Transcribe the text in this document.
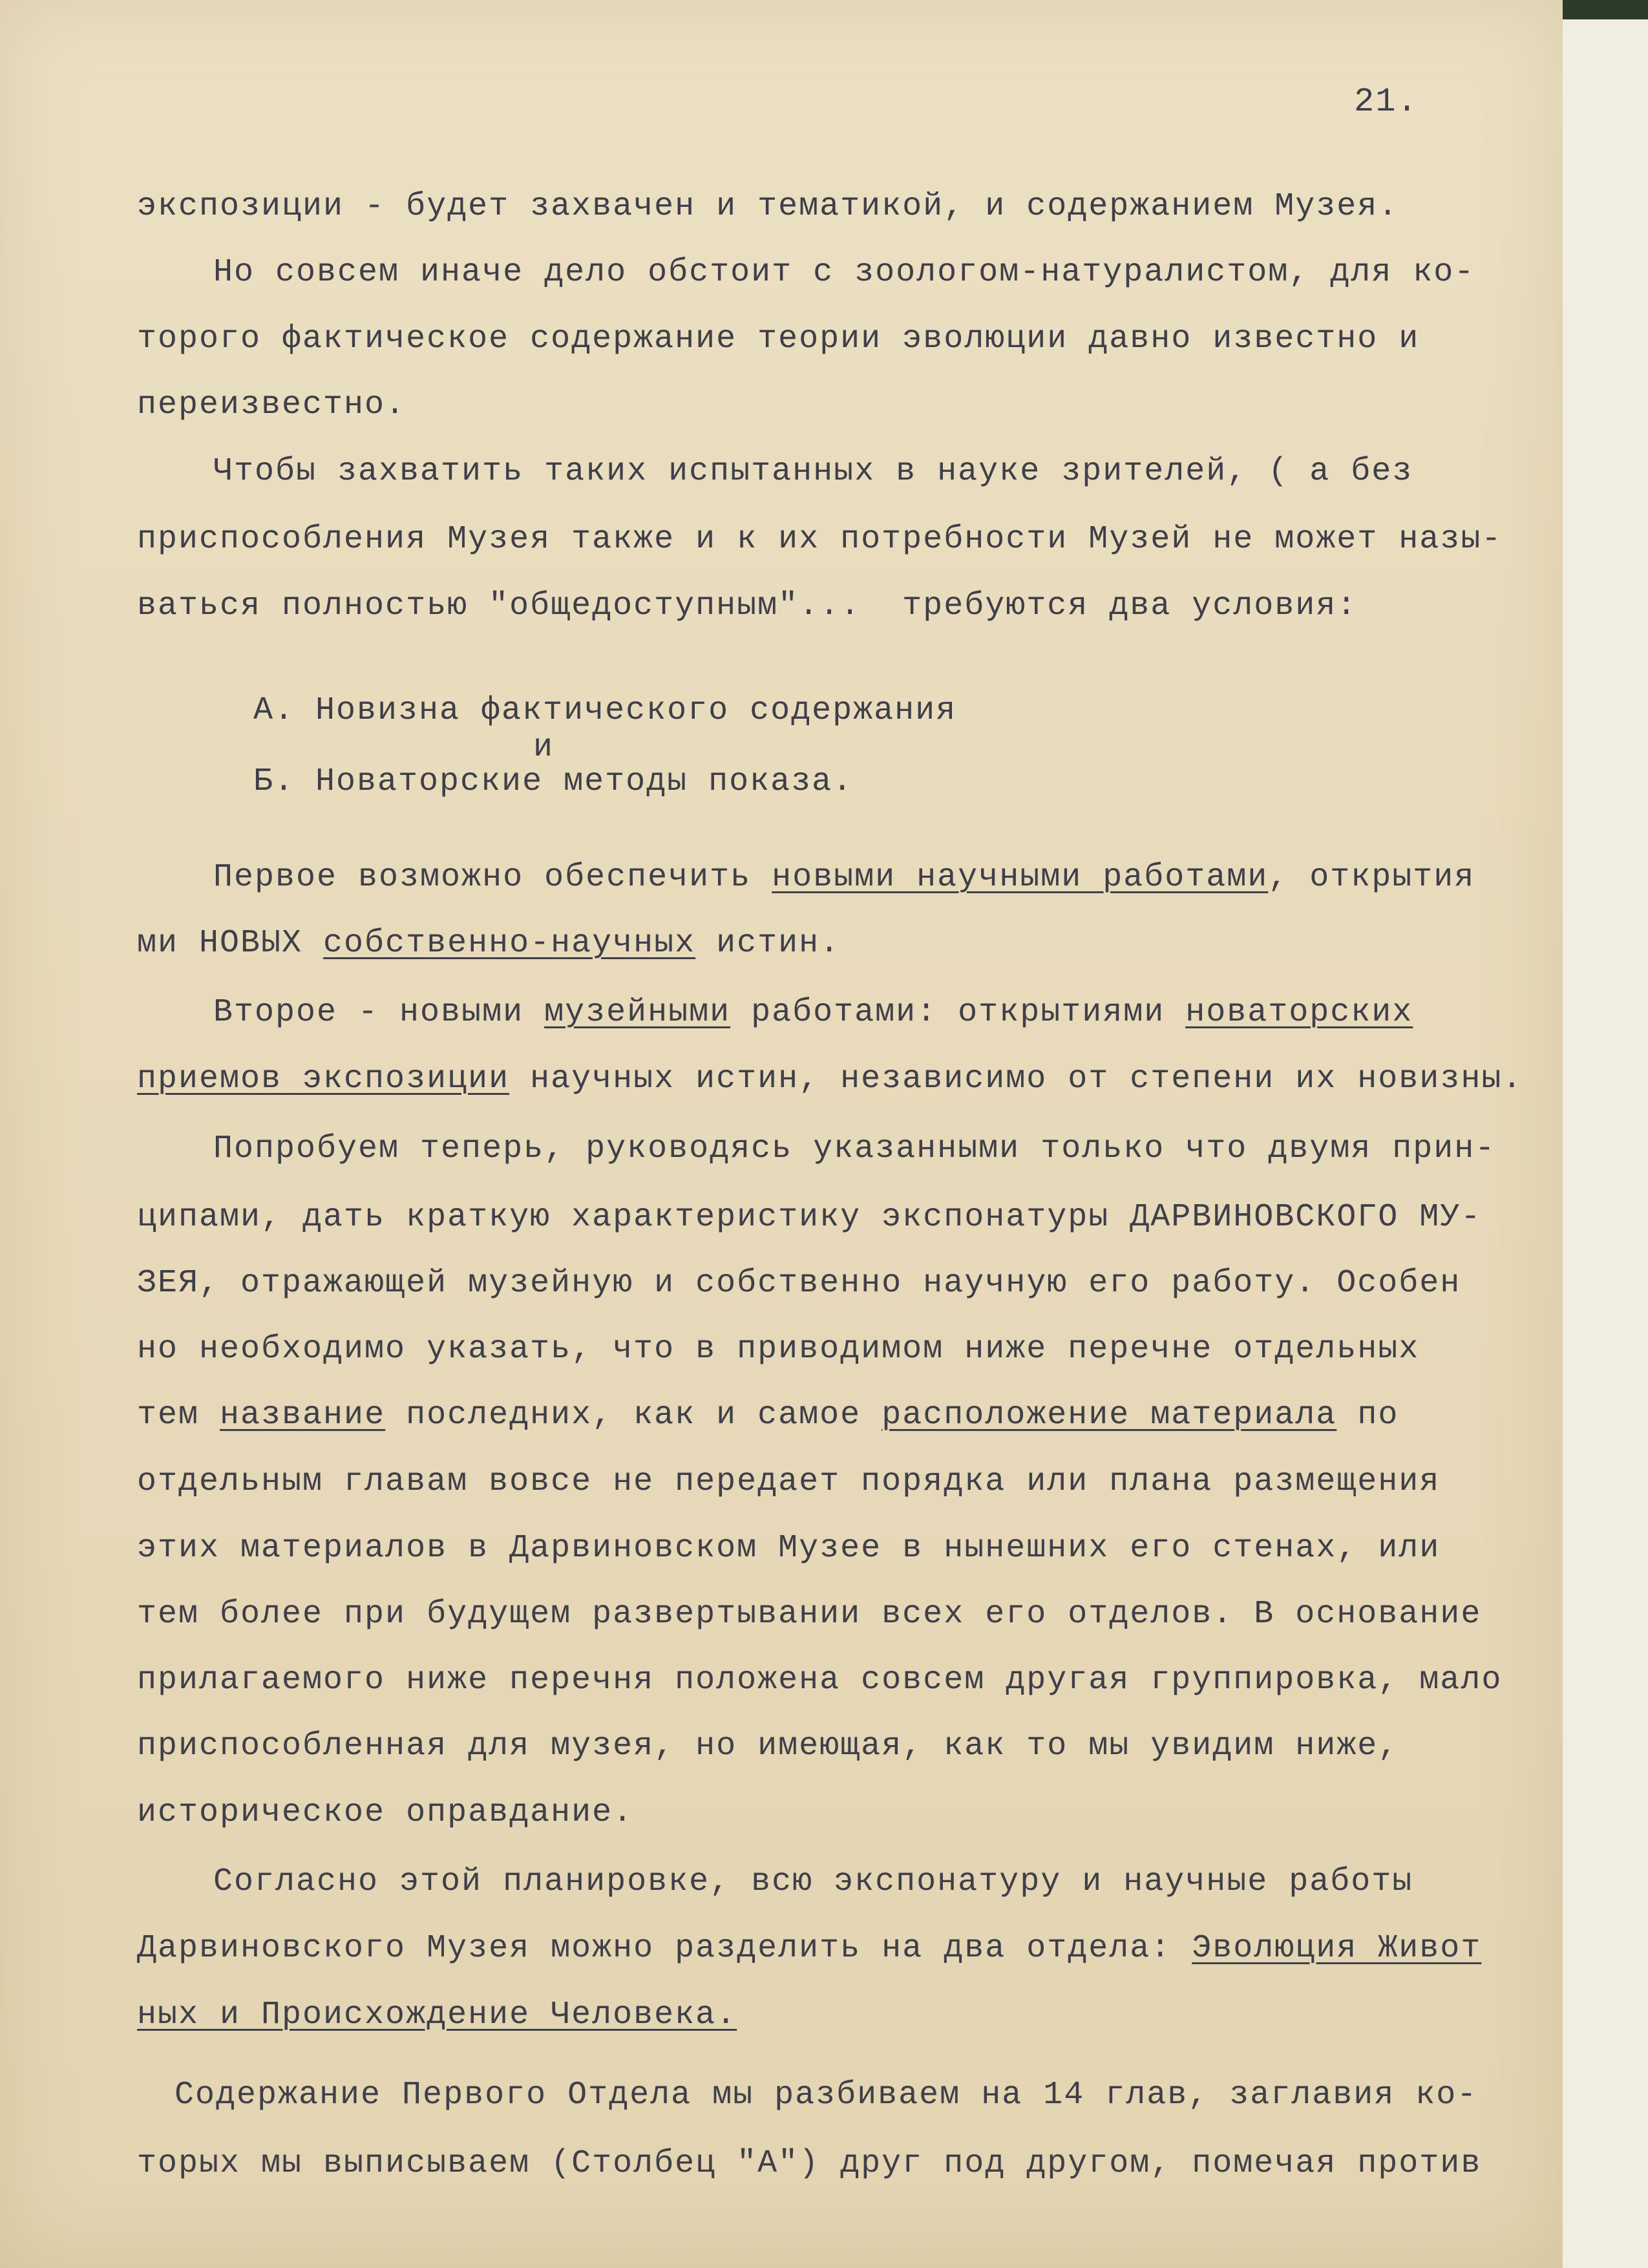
21.
экспозиции - будет захвачен и тематикой, и содержанием Музея.
Но совсем иначе дело обстоит с зоологом-натуралистом, для ко-
торого фактическое содержание теории эволюции давно известно и
переизвестно.
Чтобы захватить таких испытанных в науке зрителей, ( а без
приспособления Музея также и к их потребности Музей не может назы-
ваться полностью "общедоступным"...  требуются два условия:
А. Новизна фактического содержания
и
Б. Новаторские методы показа.
Первое возможно обеспечить новыми научными работами, открытия
ми НОВЫХ собственно-научных истин.
Второе - новыми музейными работами: открытиями новаторских
приемов экспозиции научных истин, независимо от степени их новизны.
Попробуем теперь, руководясь указанными только что двумя прин-
ципами, дать краткую характеристику экспонатуры ДАРВИНОВСКОГО МУ-
ЗЕЯ, отражающей музейную и собственно научную его работу. Особен
но необходимо указать, что в приводимом ниже перечне отдельных
тем название последних, как и самое расположение материала по
отдельным главам вовсе не передает порядка или плана размещения
этих материалов в Дарвиновском Музее в нынешних его стенах, или
тем более при будущем развертывании всех его отделов. В основание
прилагаемого ниже перечня положена совсем другая группировка, мало
приспособленная для музея, но имеющая, как то мы увидим ниже,
историческое оправдание.
Согласно этой планировке, всю экспонатуру и научные работы
Дарвиновского Музея можно разделить на два отдела: Эволюция Живот
ных и Происхождение Человека.
Содержание Первого Отдела мы разбиваем на 14 глав, заглавия ко-
торых мы выписываем (Столбец "А") друг под другом, помечая против
